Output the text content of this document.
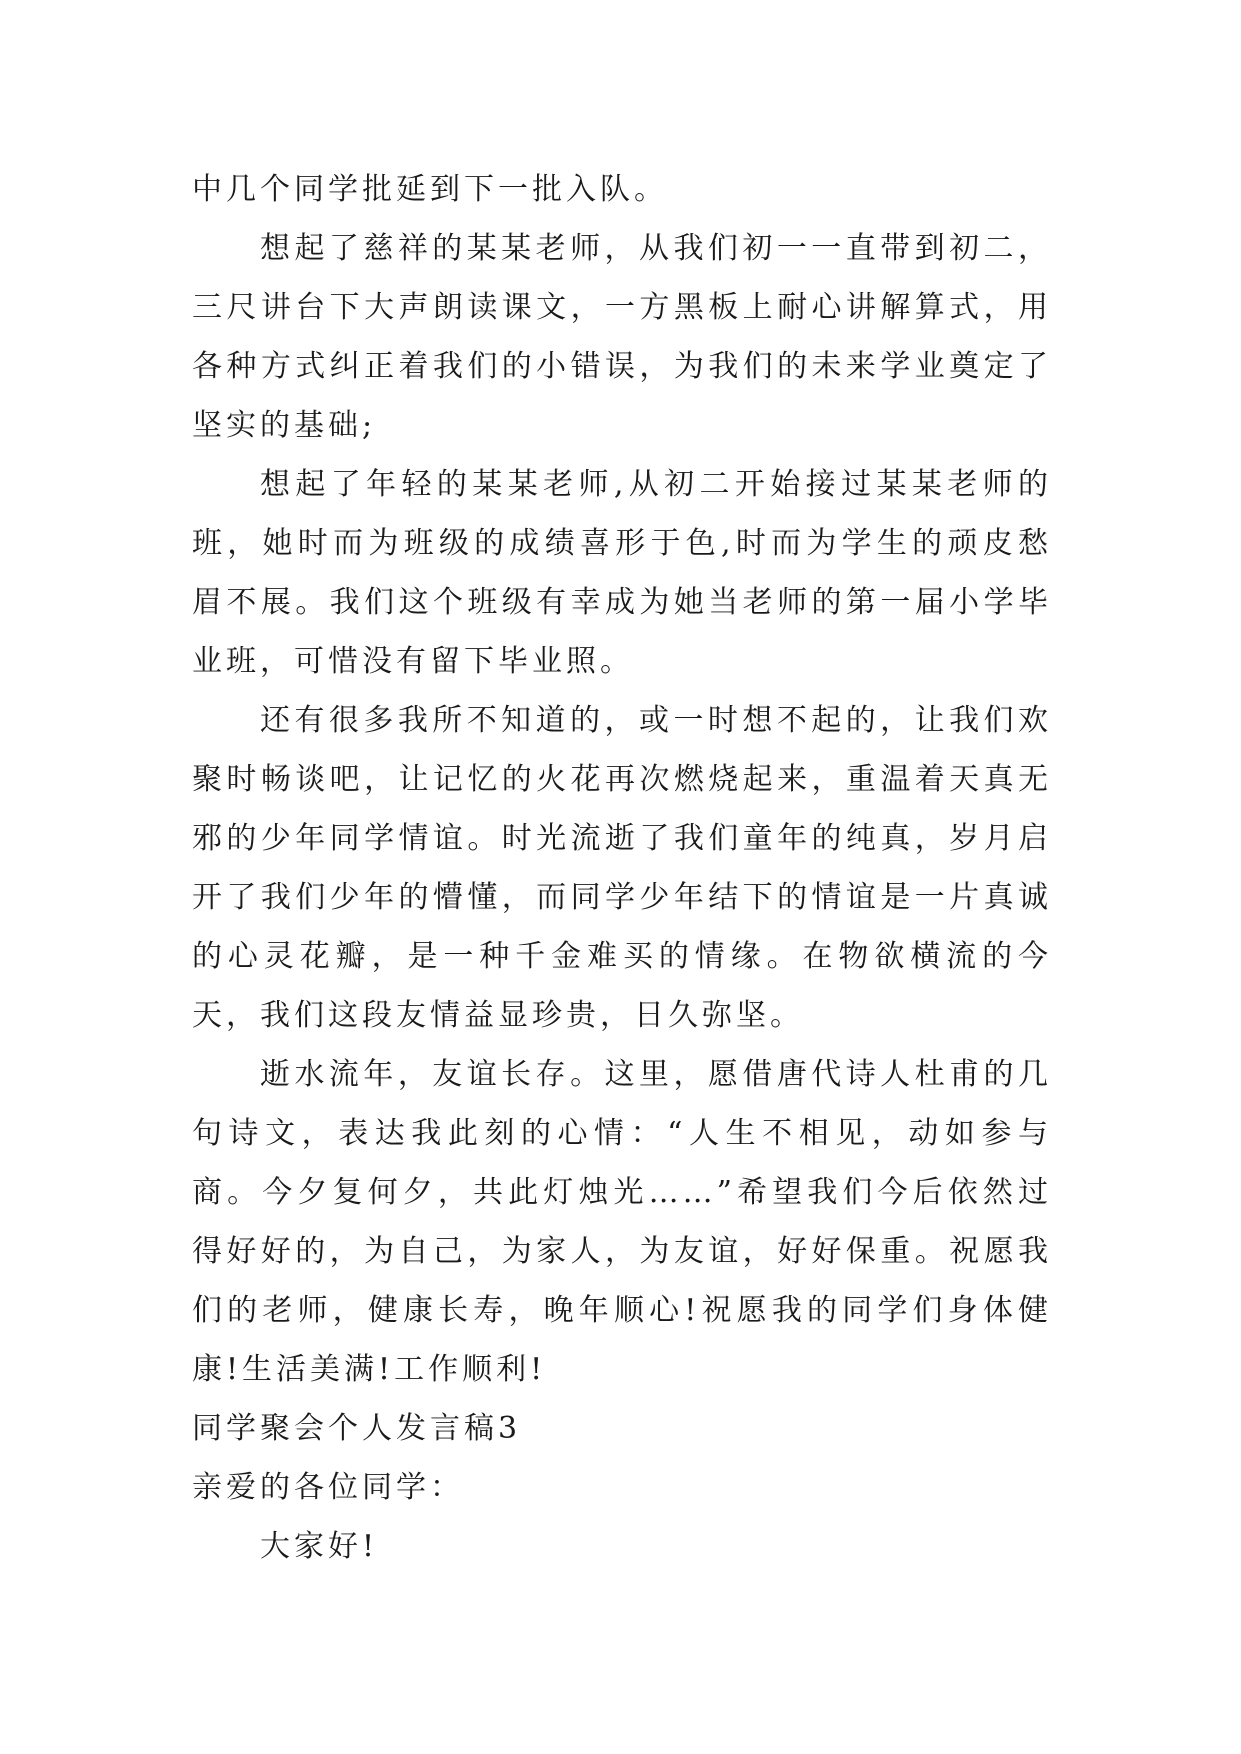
中几个同学批延到下一批入队。

想起了慈祥的某某老师，从我们初一一直带到初二，三尺讲台下大声朗读课文，一方黑板上耐心讲解算式，用各种方式纠正着我们的小错误，为我们的未来学业奠定了坚实的基础;

想起了年轻的某某老师,从初二开始接过某某老师的班，她时而为班级的成绩喜形于色,时而为学生的顽皮愁眉不展。我们这个班级有幸成为她当老师的第一届小学毕业班，可惜没有留下毕业照。

还有很多我所不知道的，或一时想不起的，让我们欢聚时畅谈吧，让记忆的火花再次燃烧起来，重温着天真无邪的少年同学情谊。时光流逝了我们童年的纯真，岁月启开了我们少年的懵懂，而同学少年结下的情谊是一片真诚的心灵花瓣，是一种千金难买的情缘。在物欲横流的今天，我们这段友情益显珍贵，日久弥坚。

逝水流年，友谊长存。这里，愿借唐代诗人杜甫的几句诗文，表达我此刻的心情：“人生不相见，动如参与商。今夕复何夕，共此灯烛光……”希望我们今后依然过得好好的，为自己，为家人，为友谊，好好保重。祝愿我们的老师，健康长寿，晚年顺心!祝愿我的同学们身体健康!生活美满!工作顺利!

同学聚会个人发言稿3

亲爱的各位同学：

大家好!
